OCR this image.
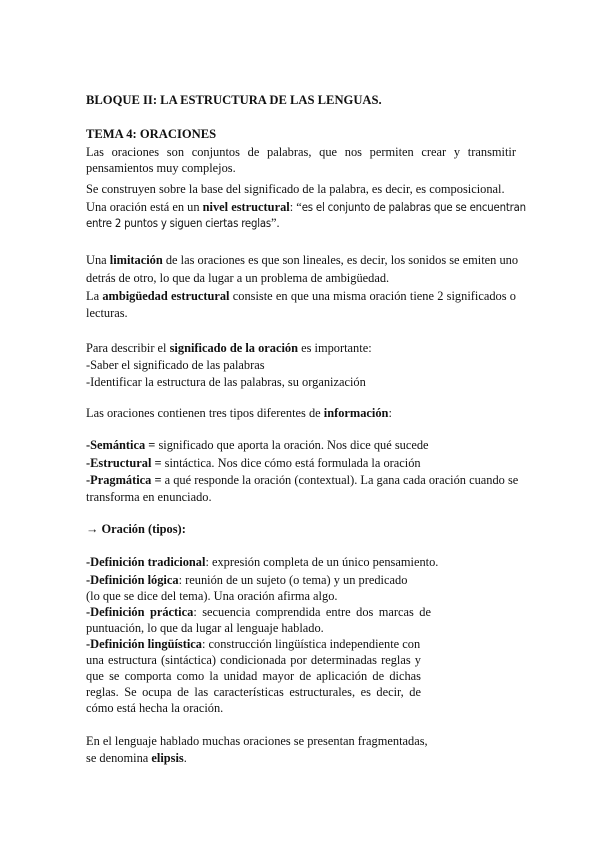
BLOQUE II: LA ESTRUCTURA DE LAS LENGUAS.
TEMA 4: ORACIONES
Las oraciones son conjuntos de palabras, que nos permiten crear y transmitir
pensamientos muy complejos.
Se construyen sobre la base del significado de la palabra, es decir, es composicional.
Una oración está en un nivel estructural: “es el conjunto de palabras que se encuentran
entre 2 puntos y siguen ciertas reglas”.
Una limitación de las oraciones es que son lineales, es decir, los sonidos se emiten uno
detrás de otro, lo que da lugar a un problema de ambigüedad.
La ambigüedad estructural consiste en que una misma oración tiene 2 significados o
lecturas.
Para describir el significado de la oración es importante:
-Saber el significado de las palabras
-Identificar la estructura de las palabras, su organización
Las oraciones contienen tres tipos diferentes de información:
-Semántica = significado que aporta la oración. Nos dice qué sucede
-Estructural = sintáctica. Nos dice cómo está formulada la oración
-Pragmática = a qué responde la oración (contextual). La gana cada oración cuando se
transforma en enunciado.
→ Oración (tipos):
-Definición tradicional: expresión completa de un único pensamiento.
-Definición lógica: reunión de un sujeto (o tema) y un predicado
(lo que se dice del tema). Una oración afirma algo.
-Definición práctica: secuencia comprendida entre dos marcas de
puntuación, lo que da lugar al lenguaje hablado.
-Definición lingüística: construcción lingüística independiente con
una estructura (sintáctica) condicionada por determinadas reglas y
que se comporta como la unidad mayor de aplicación de dichas
reglas. Se ocupa de las características estructurales, es decir, de
cómo está hecha la oración.
En el lenguaje hablado muchas oraciones se presentan fragmentadas,
se denomina elipsis.
